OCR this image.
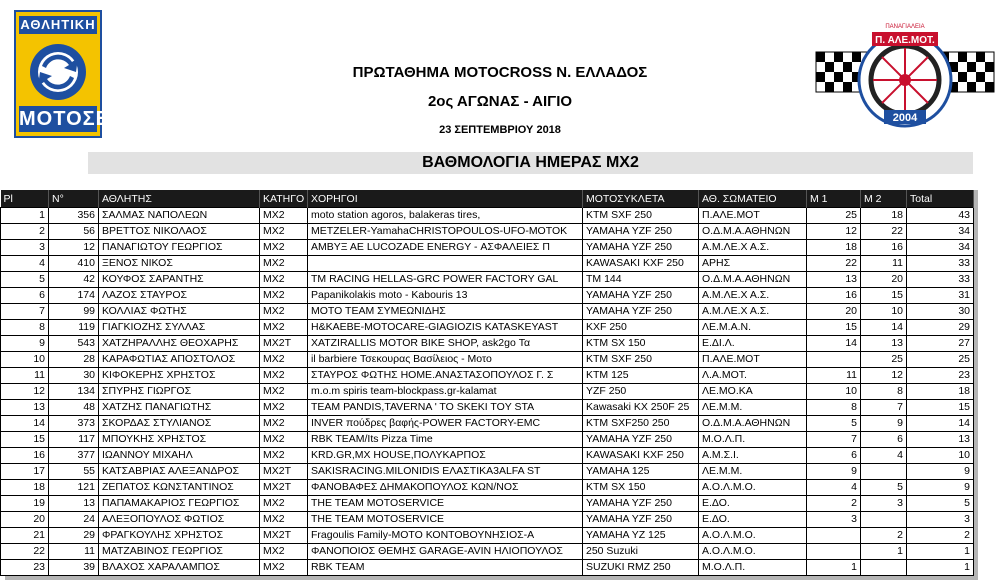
ΑΘΛΗΤΙΚΗ
ΜΟΤΟΣΕ
Π. ΑΛΕ.ΜΟΤ.
ΠΑΝΑΓΙΑΛΕΙΑ
2004
ΠΡΩΤΑΘΗΜΑ MOTOCROSS Ν. ΕΛΛΑΔΟΣ
2ος ΑΓΩΝΑΣ - ΑΙΓΙΟ
23 ΣΕΠΤΕΜΒΡΙΟΥ 2018
ΒΑΘΜΟΛΟΓΙΑ ΗΜΕΡΑΣ MX2
Pl	N°	ΑΘΛΗΤΗΣ	ΚΑΤΗΓΟ	ΧΟΡΗΓΟΙ	ΜΟΤΟΣΥΚΛΕΤΑ	ΑΘ. ΣΩΜΑΤΕΙΟ	M 1	M 2	Total
1	356	ΣΑΛΜΑΣ ΝΑΠΟΛΕΩΝ	MX2	moto station agoros, balakeras tires,	KTM SXF 250	Π.ΑΛΕ.ΜΟΤ	25	18	43
2	56	ΒΡΕΤΤΟΣ ΝΙΚΟΛΑΟΣ	MX2	METZELER-YamahaCHRISTOPOULOS-UFO-MOTOK	YAMAHA YZF 250	Ο.Δ.Μ.Α.ΑΘΗΝΩΝ	12	22	34
3	12	ΠΑΝΑΓΙΩΤΟΥ ΓΕΩΡΓΙΟΣ	MX2	ΑΜΒΥΞ ΑΕ LUCOZADE ENERGY - ΑΣΦΑΛΕΙΕΣ Π	YAMAHA YZF 250	Α.Μ.ΛΕ.Χ Α.Σ.	18	16	34
4	410	ΞΕΝΟΣ ΝΙΚΟΣ	MX2		KAWASAKI KXF 250	ΑΡΗΣ	22	11	33
5	42	ΚΟΥΦΟΣ ΣΑΡΑΝΤΗΣ	MX2	TM RACING HELLAS-GRC POWER FACTORY GAL	TM 144	Ο.Δ.Μ.Α.ΑΘΗΝΩΝ	13	20	33
6	174	ΛΑΖΟΣ ΣΤΑΥΡΟΣ	MX2	Papanikolakis moto - Kabouris 13	YAMAHA YZF 250	Α.Μ.ΛΕ.Χ Α.Σ.	16	15	31
7	99	ΚΟΛΛΙΑΣ ΦΩΤΗΣ	MX2	MOTO TEAM ΣΥΜΕΩΝΙΔΗΣ	YAMAHA YZF 250	Α.Μ.ΛΕ.Χ Α.Σ.	20	10	30
8	119	ΓΙΑΓΚΙΟΖΗΣ ΣΥΛΛΑΣ	MX2	H&ΚΑΕΒΕ-MOTOCARE-GIAGIOZIS KATASKEYAST	KXF 250	ΛΕ.Μ.Α.Ν.	15	14	29
9	543	ΧΑΤΖΗΡΑΛΛΗΣ ΘΕΟΧΑΡΗΣ	MX2T	XATZIRALLIS MOTOR BIKE SHOP, ask2go Τα	KTM SX 150	Ε.ΔΙ.Λ.	14	13	27
10	28	ΚΑΡΑΦΩΤΙΑΣ ΑΠΟΣΤΟΛΟΣ	MX2	il barbiere Τσεκουρας Βασίλειος - Μοτο	KTM SXF 250	Π.ΑΛΕ.ΜΟΤ		25	25
11	30	ΚΙΦΟΚΕΡΗΣ ΧΡΗΣΤΟΣ	MX2	ΣΤΑΥΡΟΣ ΦΩΤΗΣ HOME.ΑΝΑΣΤΑΣΟΠΟΥΛΟΣ Γ. Σ	KTM 125	Λ.Α.ΜΟΤ.	11	12	23
12	134	ΣΠΥΡΗΣ ΓΙΩΡΓΟΣ	MX2	m.o.m spiris team-blockpass.gr-kalamat	YZF 250	ΛΕ.ΜΟ.ΚΑ	10	8	18
13	48	ΧΑΤΖΗΣ ΠΑΝΑΓΙΩΤΗΣ	MX2	TEAM PANDIS,TAVERNA ' TO SKEKI TOY STA	Kawasaki KX 250F 25	ΛΕ.Μ.Μ.	8	7	15
14	373	ΣΚΟΡΔΑΣ ΣΤΥΛΙΑΝΟΣ	MX2	INVER πούδρες βαφής-POWER FACTORY-EMC	KTM SXF250 250	Ο.Δ.Μ.Α.ΑΘΗΝΩΝ	5	9	14
15	117	ΜΠΟΥΚΗΣ ΧΡΗΣΤΟΣ	MX2	RBK TEAM/Its Pizza Time	YAMAHA YZF 250	Μ.Ο.Λ.Π.	7	6	13
16	377	ΙΩΑΝΝΟΥ ΜΙΧΑΗΛ	MX2	KRD.GR,MX HOUSE,ΠΟΛΥΚΑΡΠΟΣ	KAWASAKI KXF 250	Α.Μ.Σ.Ι.	6	4	10
17	55	ΚΑΤΣΑΒΡΙΑΣ ΑΛΕΞΑΝΔΡΟΣ	MX2T	SAKISRACING.MILONIDIS ΕΛΑΣΤΙΚΑ3ALFA ST	YAMAHA 125	ΛΕ.Μ.Μ.	9		9
18	121	ΖΕΠΑΤΟΣ ΚΩΝΣΤΑΝΤΙΝΟΣ	MX2T	ΦΑΝΟΒΑΦΕΣ ΔΗΜΑΚΟΠΟΥΛΟΣ ΚΩΝ/ΝΟΣ	KTM SX 150	Α.Ο.Λ.Μ.Ο.	4	5	9
19	13	ΠΑΠΑΜΑΚΑΡΙΟΣ ΓΕΩΡΓΙΟΣ	MX2	THE TEAM MOTOSERVICE	YAMAHA YZF 250	Ε.ΔΟ.	2	3	5
20	24	ΑΛΕΞΟΠΟΥΛΟΣ ΦΩΤΙΟΣ	MX2	THE TEAM MOTOSERVICE	YAMAHA YZF 250	Ε.ΔΟ.	3		3
21	29	ΦΡΑΓΚΟΥΛΗΣ ΧΡΗΣΤΟΣ	MX2T	Fragoulis Family-ΜΟΤΟ ΚΟΝΤΟΒΟΥΝΗΣΙΟΣ-Α	YAMAHA YZ 125	Α.Ο.Λ.Μ.Ο.		2	2
22	11	ΜΑΤΖΑΒΙΝΟΣ ΓΕΩΡΓΙΟΣ	MX2	ΦΑΝΟΠΟΙΟΣ ΘΕΜΗΣ GARAGE-AVIN ΗΛΙΟΠΟΥΛΟΣ	250 Suzuki	Α.Ο.Λ.Μ.Ο.		1	1
23	39	ΒΛΑΧΟΣ ΧΑΡΑΛΑΜΠΟΣ	MX2	RBK TEAM	SUZUKI RMZ 250	Μ.Ο.Λ.Π.	1		1
